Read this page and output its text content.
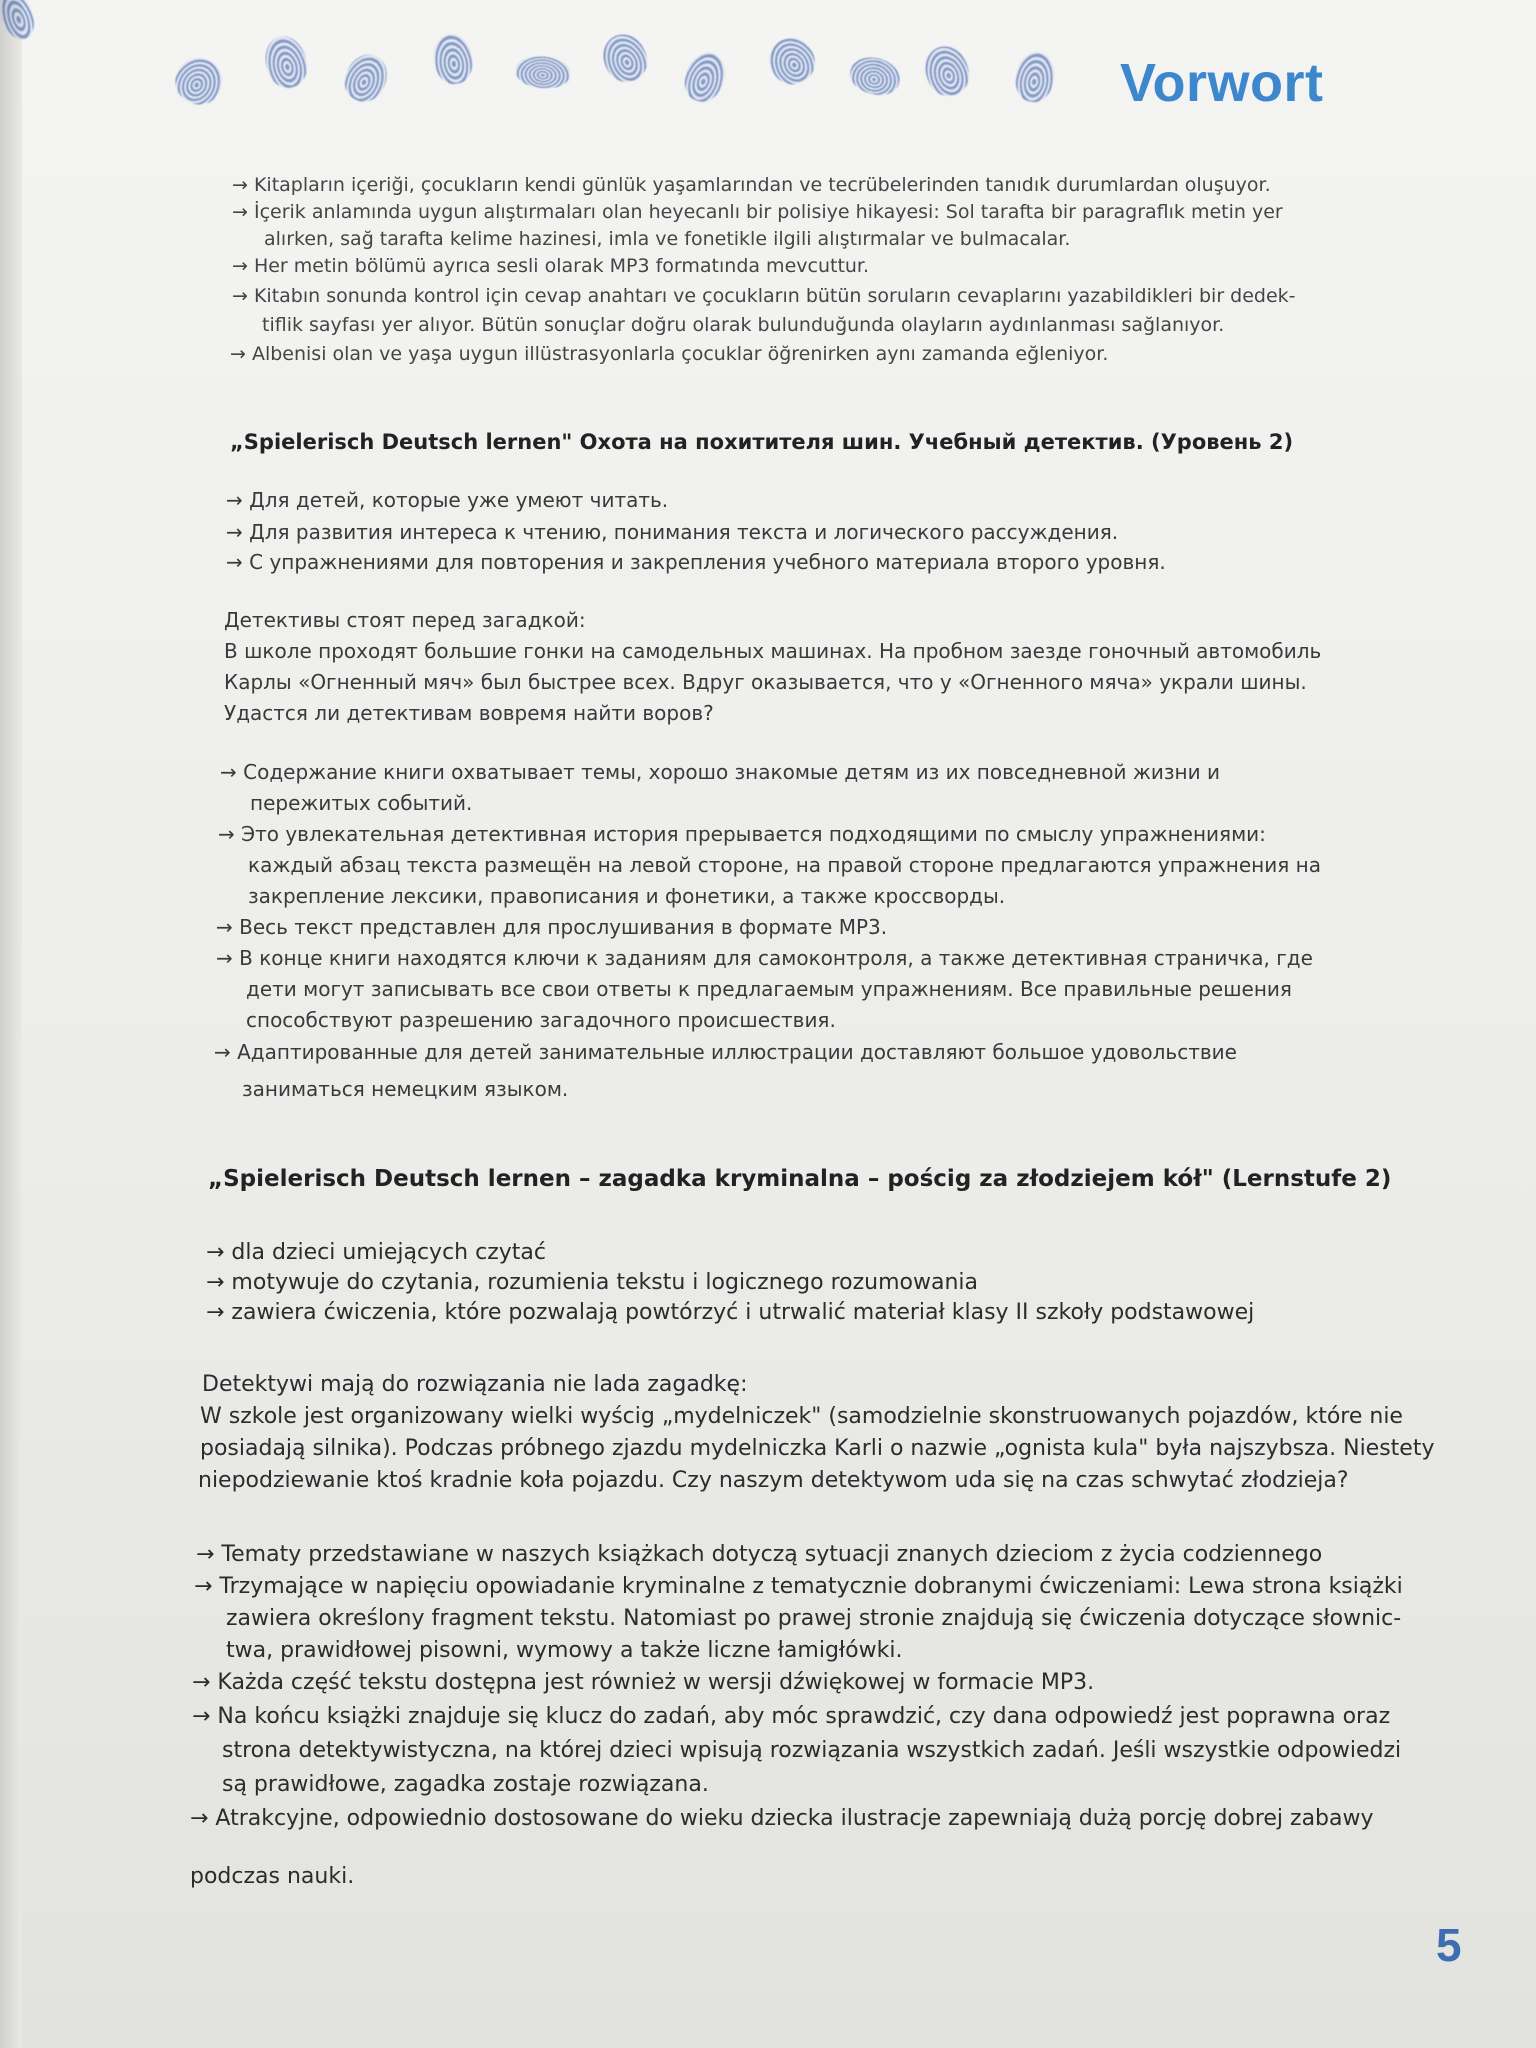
Vorwort
→ Kitapların içeriği, çocukların kendi günlük yaşamlarından ve tecrübelerinden tanıdık durumlardan oluşuyor.
→ İçerik anlamında uygun alıştırmaları olan heyecanlı bir polisiye hikayesi: Sol tarafta bir paragraflık metin yer
alırken, sağ tarafta kelime hazinesi, imla ve fonetikle ilgili alıştırmalar ve bulmacalar.
→ Her metin bölümü ayrıca sesli olarak MP3 formatında mevcuttur.
→ Kitabın sonunda kontrol için cevap anahtarı ve çocukların bütün soruların cevaplarını yazabildikleri bir dedek-
tiflik sayfası yer alıyor. Bütün sonuçlar doğru olarak bulunduğunda olayların aydınlanması sağlanıyor.
→ Albenisi olan ve yaşa uygun illüstrasyonlarla çocuklar öğrenirken aynı zamanda eğleniyor.
„Spielerisch Deutsch lernen" Охота на похитителя шин. Учебный детектив. (Уровень 2)
→ Для детей, которые уже умеют читать.
→ Для развития интереса к чтению, понимания текста и логического рассуждения.
→ С упражнениями для повторения и закрепления учебного материала второго уровня.
Детективы стоят перед загадкой:
В школе проходят большие гонки на самодельных машинах. На пробном заезде гоночный автомобиль
Карлы «Огненный мяч» был быстрее всех. Вдруг оказывается, что у «Огненного мяча» украли шины.
Удастся ли детективам вовремя найти воров?
→ Содержание книги охватывает темы, хорошо знакомые детям из их повседневной жизни и
пережитых событий.
→ Это увлекательная детективная история прерывается подходящими по смыслу упражнениями:
каждый абзац текста размещён на левой стороне, на правой стороне предлагаются упражнения на
закрепление лексики, правописания и фонетики, а также кроссворды.
→ Весь текст представлен для прослушивания в формате MP3.
→ В конце книги находятся ключи к заданиям для самоконтроля, а также детективная страничка, где
дети могут записывать все свои ответы к предлагаемым упражнениям. Все правильные решения
способствуют разрешению загадочного происшествия.
→ Адаптированные для детей занимательные иллюстрации доставляют большое удовольствие
заниматься немецким языком.
„Spielerisch Deutsch lernen – zagadka kryminalna – pościg za złodziejem kół" (Lernstufe 2)
→ dla dzieci umiejących czytać
→ motywuje do czytania, rozumienia tekstu i logicznego rozumowania
→ zawiera ćwiczenia, które pozwalają powtórzyć i utrwalić materiał klasy II szkoły podstawowej
Detektywi mają do rozwiązania nie lada zagadkę:
W szkole jest organizowany wielki wyścig „mydelniczek" (samodzielnie skonstruowanych pojazdów, które nie
posiadają silnika). Podczas próbnego zjazdu mydelniczka Karli o nazwie „ognista kula" była najszybsza. Niestety
niepodziewanie ktoś kradnie koła pojazdu. Czy naszym detektywom uda się na czas schwytać złodzieja?
→ Tematy przedstawiane w naszych książkach dotyczą sytuacji znanych dzieciom z życia codziennego
→ Trzymające w napięciu opowiadanie kryminalne z tematycznie dobranymi ćwiczeniami: Lewa strona książki
zawiera określony fragment tekstu. Natomiast po prawej stronie znajdują się ćwiczenia dotyczące słownic-
twa, prawidłowej pisowni, wymowy a także liczne łamigłówki.
→ Każda część tekstu dostępna jest również w wersji dźwiękowej w formacie MP3.
→ Na końcu książki znajduje się klucz do zadań, aby móc sprawdzić, czy dana odpowiedź jest poprawna oraz
strona detektywistyczna, na której dzieci wpisują rozwiązania wszystkich zadań. Jeśli wszystkie odpowiedzi
są prawidłowe, zagadka zostaje rozwiązana.
→ Atrakcyjne, odpowiednio dostosowane do wieku dziecka ilustracje zapewniają dużą porcję dobrej zabawy
podczas nauki.
5
